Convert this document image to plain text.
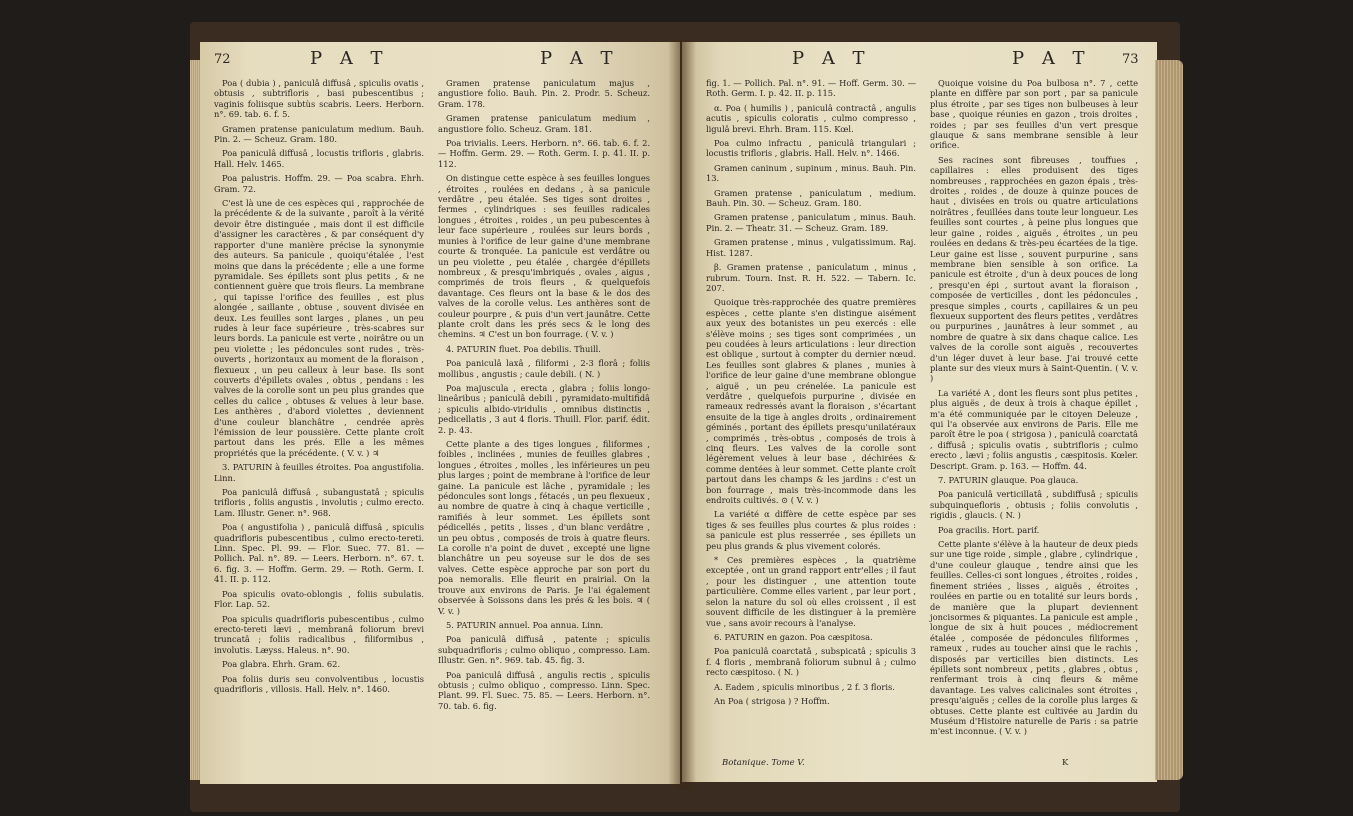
72	P A T	P A T

Poa ( dubia ) , paniculâ diffusâ , spiculis ovatis , obtusis , subtrifloris , basi pubescentibus ; vaginis foliisque subtùs scabris. Leers. Herborn. n°. 69. tab. 6. f. 5.

Gramen pratense paniculatum medium. Bauh. Pin. 2. — Scheuz. Gram. 180.

Poa paniculâ diffusâ , locustis trifloris , glabris. Hall. Helv. 1465.

Poa palustris. Hoffm. 29. — Poa scabra. Ehrh. Gram. 72.

C'est là une de ces espèces qui , rapprochée de la précédente & de la suivante , paroît à la vérité devoir être distinguée , mais dont il est difficile d'assigner les caractères , & par conséquent d'y rapporter d'une manière précise la synonymie des auteurs. Sa panicule , quoiqu'étalée , l'est moins que dans la précédente ; elle a une forme pyramidale. Ses épillets sont plus petits , & ne contiennent guère que trois fleurs. La membrane , qui tapisse l'orifice des feuilles , est plus alongée , saillante , obtuse , souvent divisée en deux. Les feuilles sont larges , planes , un peu rudes à leur face supérieure , très-scabres sur leurs bords. La panicule est verte , noirâtre ou un peu violette ; les pédoncules sont rudes , très-ouverts , horizontaux au moment de la floraison , flexueux , un peu calleux à leur base. Ils sont couverts d'épillets ovales , obtus , pendans : les valves de la corolle sont un peu plus grandes que celles du calice , obtuses & velues à leur base. Les anthères , d'abord violettes , deviennent d'une couleur blanchâtre , cendrée après l'émission de leur poussière. Cette plante croît partout dans les prés. Elle a les mêmes propriétés que la précédente. ( V. v. ) ♃

3. PATURIN à feuilles étroites. Poa angustifolia. Linn.

Poa paniculâ diffusâ , subangustatâ ; spiculis trifloris , foliis angustis , involutis ; culmo erecto. Lam. Illustr. Gener. n°. 968.

Poa ( angustifolia ) , paniculâ diffusâ , spiculis quadrifloris pubescentibus , culmo erecto-tereti. Linn. Spec. Pl. 99. — Flor. Suec. 77. 81. — Pollich. Pal. n°. 89. — Leers. Herborn. n°. 67. t. 6. fig. 3. — Hoffm. Germ. 29. — Roth. Germ. I. 41. II. p. 112.

Poa spiculis ovato-oblongis , foliis subulatis. Flor. Lap. 52.

Poa spiculis quadrifloris pubescentibus , culmo erecto-tereti lævi , membranâ foliorum brevi truncatâ ; foliis radicalibus , filiformibus , involutis. Læyss. Haleus. n°. 90.

Poa glabra. Ehrh. Gram. 62.

Poa foliis duris seu convolventibus , locustis quadrifloris , villosis. Hall. Helv. n°. 1460.

Gramen pratense paniculatum majus , angustiore folio. Bauh. Pin. 2. Prodr. 5. Scheuz. Gram. 178.

Gramen pratense paniculatum medium , angustiore folio. Scheuz. Gram. 181.

Poa trivialis. Leers. Herborn. n°. 66. tab. 6. f. 2. — Hoffm. Germ. 29. — Roth. Germ. I. p. 41. II. p. 112.

On distingue cette espèce à ses feuilles longues , étroites , roulées en dedans , à sa panicule verdâtre , peu étalée. Ses tiges sont droites , fermes , cylindriques : ses feuilles radicales longues , étroites , roides , un peu pubescentes à leur face supérieure , roulées sur leurs bords , munies à l'orifice de leur gaine d'une membrane courte & tronquée. La panicule est verdâtre ou un peu violette , peu étalée , chargée d'épillets nombreux , & presqu'imbriqués , ovales , aigus , comprimés de trois fleurs , & quelquefois davantage. Ces fleurs ont la base & le dos des valves de la corolle velus. Les anthères sont de couleur pourpre , & puis d'un vert jaunâtre. Cette plante croît dans les prés secs & le long des chemins. ♃ C'est un bon fourrage. ( V. v. )

4. PATURIN fluet. Poa debilis. Thuill.

Poa paniculâ laxâ , filiformi , 2-3 florâ ; foliis mollibus , angustis ; caule debili. ( N. )

Poa majuscula , erecta , glabra ; foliis longo-lineâribus ; paniculâ debili , pyramidato-multifidâ ; spiculis albido-viridulis , omnibus distinctis , pedicellatis , 3 aut 4 floris. Thuill. Flor. parif. édit. 2. p. 43.

Cette plante a des tiges longues , filiformes , foibles , inclinées , munies de feuilles glabres , longues , étroites , molles , les inférieures un peu plus larges ; point de membrane à l'orifice de leur gaine. La panicule est lâche , pyramidale ; les pédoncules sont longs , fétacés , un peu flexueux , au nombre de quatre à cinq à chaque verticille , ramifiés à leur sommet. Les épillets sont pédicellés , petits , lisses , d'un blanc verdâtre , un peu obtus , composés de trois à quatre fleurs. La corolle n'a point de duvet , excepté une ligne blanchâtre un peu soyeuse sur le dos de ses valves. Cette espèce approche par son port du poa nemoralis. Elle fleurit en prairial. On la trouve aux environs de Paris. Je l'ai également observée à Soissons dans les prés & les bois. ♃ ( V. v. )

5. PATURIN annuel. Poa annua. Linn.

Poa paniculâ diffusâ , patente ; spiculis subquadrifloris ; culmo obliquo , compresso. Lam. Illustr. Gen. n°. 969. tab. 45. fig. 3.

Poa paniculâ diffusâ , angulis rectis , spiculis obtusis ; culmo obliquo , compresso. Linn. Spec. Plant. 99. Fl. Suec. 75. 85. — Leers. Herborn. n°. 70. tab. 6. fig.

P A T	P A T 73

fig. 1. — Pollich. Pal. n°. 91. — Hoff. Germ. 30. — Roth. Germ. I. p. 42. II. p. 115.

α. Poa ( humilis ) , paniculâ contractâ , angulis acutis , spiculis coloratis , culmo compresso , ligulâ brevi. Ehrh. Bram. 115. Kœl.

Poa culmo infractu , paniculâ triangulari ; locustis trifloris , glabris. Hall. Helv. n°. 1466.

Gramen caninum , supinum , minus. Bauh. Pin. 13.

Gramen pratense , paniculatum , medium. Bauh. Pin. 30. — Scheuz. Gram. 180.

Gramen pratense , paniculatum , minus. Bauh. Pin. 2. — Theatr. 31. — Scheuz. Gram. 189.

Gramen pratense , minus , vulgatissimum. Raj. Hist. 1287.

β. Gramen pratense , paniculatum , minus , rubrum. Tourn. Inst. R. H. 522. — Tabern. Ic. 207.

Quoique très-rapprochée des quatre premières espèces , cette plante s'en distingue aisément aux yeux des botanistes un peu exercés : elle s'élève moins ; ses tiges sont comprimées , un peu coudées à leurs articulations : leur direction est oblique , surtout à compter du dernier nœud. Les feuilles sont glabres & planes , munies à l'orifice de leur gaine d'une membrane oblongue , aiguë , un peu crénelée. La panicule est verdâtre , quelquefois purpurine , divisée en rameaux redressés avant la floraison , s'écartant ensuite de la tige à angles droits , ordinairement géminés , portant des épillets presqu'unilatéraux , comprimés , très-obtus , composés de trois à cinq fleurs. Les valves de la corolle sont légèrement velues à leur base , déchirées & comme dentées à leur sommet. Cette plante croît partout dans les champs & les jardins : c'est un bon fourrage , mais très-incommode dans les endroits cultivés. ⊙ ( V. v. )

La variété α diffère de cette espèce par ses tiges & ses feuilles plus courtes & plus roides : sa panicule est plus resserrée , ses épillets un peu plus grands & plus vivement colorés.

* Ces premières espèces , la quatrième exceptée , ont un grand rapport entr'elles ; il faut , pour les distinguer , une attention toute particulière. Comme elles varient , par leur port , selon la nature du sol où elles croissent , il est souvent difficile de les distinguer à la première vue , sans avoir recours à l'analyse.

6. PATURIN en gazon. Poa cæspitosa.

Poa paniculâ coarctatâ , subspicatâ ; spiculis 3 f. 4 floris , membranâ foliorum subnul â ; culmo recto cæspitoso. ( N. )

A. Eadem , spiculis minoribus , 2 f. 3 floris.

An Poa ( strigosa ) ? Hoffm.

Quoique voisine du Poa bulbosa n°. 7 , cette plante en diffère par son port , par sa panicule plus étroite , par ses tiges non bulbeuses à leur base , quoique réunies en gazon , trois droites , roides ; par ses feuilles d'un vert presque glauque & sans membrane sensible à leur orifice.

Ses racines sont fibreuses , touffues , capillaires : elles produisent des tiges nombreuses , rapprochées en gazon épais , très-droites , roides , de douze à quinze pouces de haut , divisées en trois ou quatre articulations noirâtres , feuillées dans toute leur longueur. Les feuilles sont courtes , à peine plus longues que leur gaine , roides , aiguës , étroites , un peu roulées en dedans & très-peu écartées de la tige. Leur gaine est lisse , souvent purpurine , sans membrane bien sensible à son orifice. La panicule est étroite , d'un à deux pouces de long , presqu'en épi , surtout avant la floraison , composée de verticilles , dont les pédoncules , presque simples , courts , capillaires & un peu flexueux supportent des fleurs petites , verdâtres ou purpurines , jaunâtres à leur sommet , au nombre de quatre à six dans chaque calice. Les valves de la corolle sont aiguës , recouvertes d'un léger duvet à leur base. J'ai trouvé cette plante sur des vieux murs à Saint-Quentin. ( V. v. )

La variété A , dont les fleurs sont plus petites , plus aiguës , de deux à trois à chaque épillet , m'a été communiquée par le citoyen Deleuze , qui l'a observée aux environs de Paris. Elle me paroît être le poa ( strigosa ) , paniculâ coarctatâ , diffusâ ; spiculis ovatis , subtrifloris ; culmo erecto , lævi ; foliis angustis , cæspitosis. Kœler. Descript. Gram. p. 163. — Hoffm. 44.

7. PATURIN glauque. Poa glauca.

Poa paniculâ verticillatâ , subdiffusâ ; spiculis subquinquefloris , obtusis ; foliis convolutis , rigidis , glaucis. ( N. )

Poa gracilis. Hort. parif.

Cette plante s'élève à la hauteur de deux pieds sur une tige roide , simple , glabre , cylindrique , d'une couleur glauque , tendre ainsi que les feuilles. Celles-ci sont longues , étroites , roides , finement striées , lisses , aiguës , étroites , roulées en partie ou en totalité sur leurs bords , de manière que la plupart deviennent joncisormes & piquantes. La panicule est ample , longue de six à huit pouces , médiocrement étalée , composée de pédoncules filiformes , rameux , rudes au toucher ainsi que le rachis , disposés par verticilles bien distincts. Les épillets sont nombreux , petits , glabres , obtus , renfermant trois à cinq fleurs & même davantage. Les valves calicinales sont étroites , presqu'aiguës ; celles de la corolle plus larges & obtuses. Cette plante est cultivée au Jardin du Muséum d'Histoire naturelle de Paris : sa patrie m'est inconnue. ( V. v. )

Botanique. Tome V.	K
